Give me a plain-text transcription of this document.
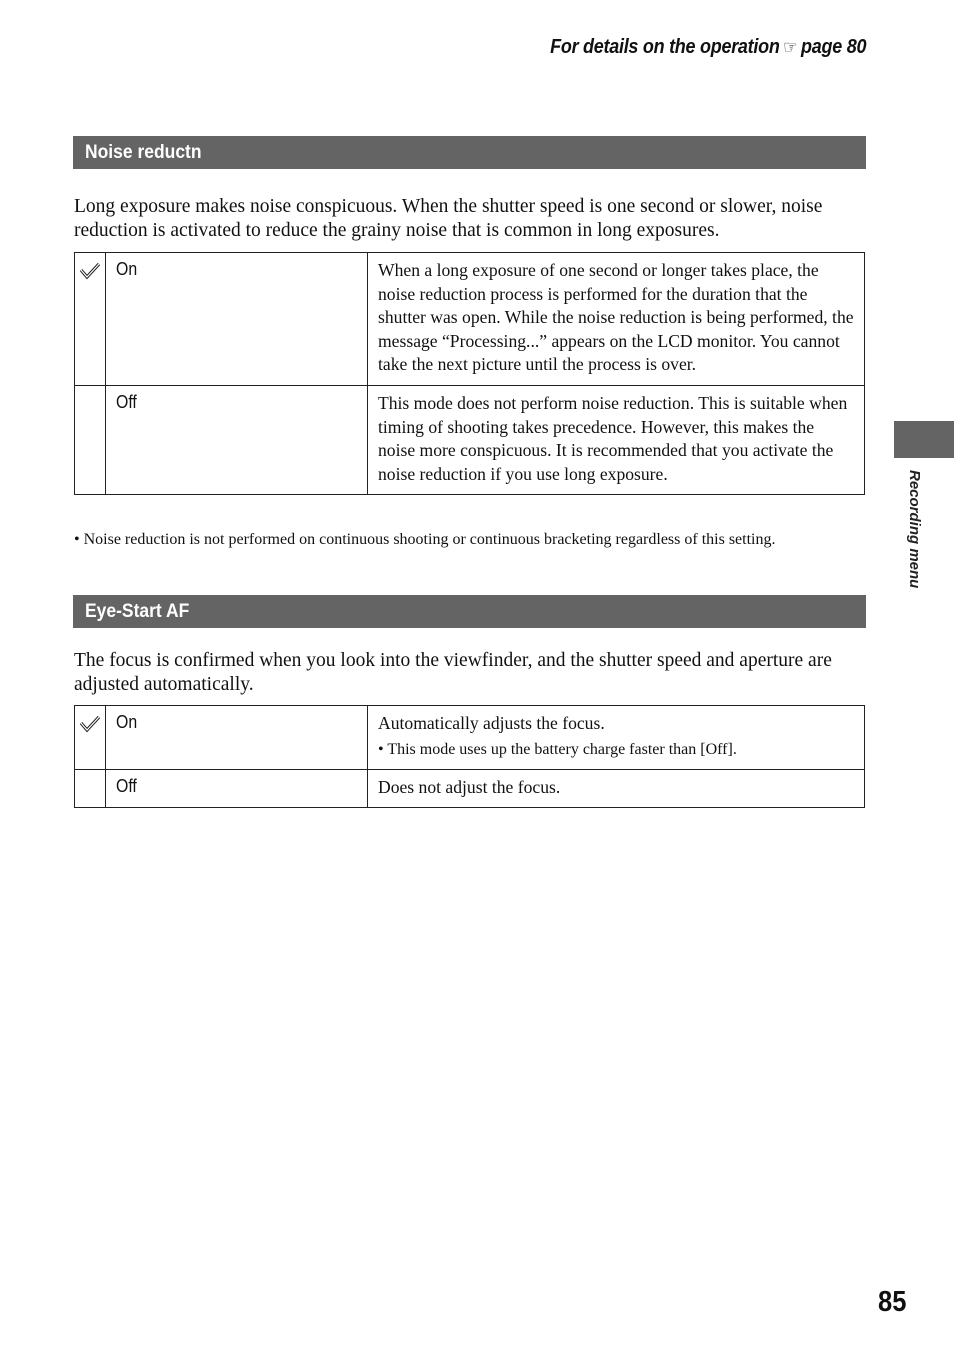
For details on the operation ☞ page 80
Noise reductn

Long exposure makes noise conspicuous. When the shutter speed is one second or slower, noise reduction is activated to reduce the grainy noise that is common in long exposures.

	On	When a long exposure of one second or longer takes place, the noise reduction process is performed for the duration that the shutter was open. While the noise reduction is being performed, the message “Processing...” appears on the LCD monitor. You cannot take the next picture until the process is over.
	Off	This mode does not perform noise reduction. This is suitable when timing of shooting takes precedence. However, this makes the noise more conspicuous. It is recommended that you activate the noise reduction if you use long exposure.
• Noise reduction is not performed on continuous shooting or continuous bracketing regardless of this setting.
Eye-Start AF

The focus is confirmed when you look into the viewfinder, and the shutter speed and aperture are adjusted automatically.

	On	Automatically adjusts the focus.
• This mode uses up the battery charge faster than [Off].

	Off	Does not adjust the focus.
Recording menu
85
